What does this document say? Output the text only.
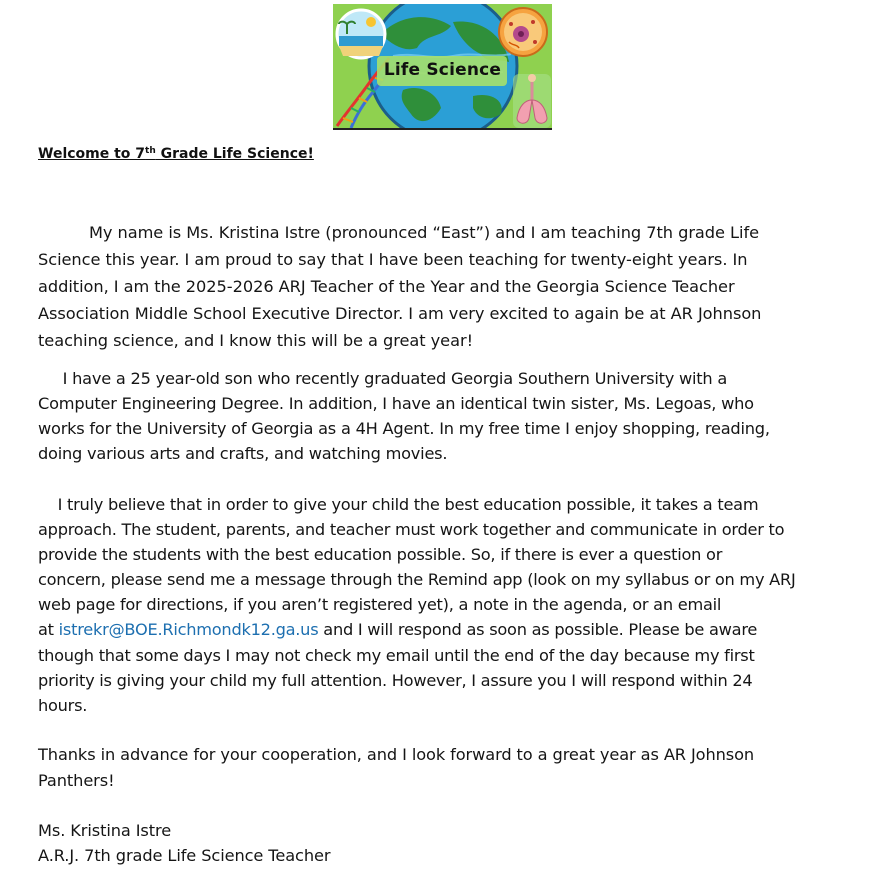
Life Science
Welcome to 7th Grade Life Science!
My name is Ms. Kristina Istre (pronounced “East”) and I am teaching 7th grade Life
Science this year. I am proud to say that I have been teaching for twenty-eight years. In
addition, I am the 2025-2026 ARJ Teacher of the Year and the Georgia Science Teacher
Association Middle School Executive Director. I am very excited to again be at AR Johnson
teaching science, and I know this will be a great year!
I have a 25 year-old son who recently graduated Georgia Southern University with a
Computer Engineering Degree. In addition, I have an identical twin sister, Ms. Legoas, who
works for the University of Georgia as a 4H Agent. In my free time I enjoy shopping, reading,
doing various arts and crafts, and watching movies.
I truly believe that in order to give your child the best education possible, it takes a team
approach. The student, parents, and teacher must work together and communicate in order to
provide the students with the best education possible. So, if there is ever a question or
concern, please send me a message through the Remind app (look on my syllabus or on my ARJ
web page for directions, if you aren’t registered yet), a note in the agenda, or an email
at istrekr@BOE.Richmondk12.ga.us and I will respond as soon as possible. Please be aware
though that some days I may not check my email until the end of the day because my first
priority is giving your child my full attention. However, I assure you I will respond within 24
hours.
Thanks in advance for your cooperation, and I look forward to a great year as AR Johnson
Panthers!
Ms. Kristina Istre
A.R.J. 7th grade Life Science Teacher
